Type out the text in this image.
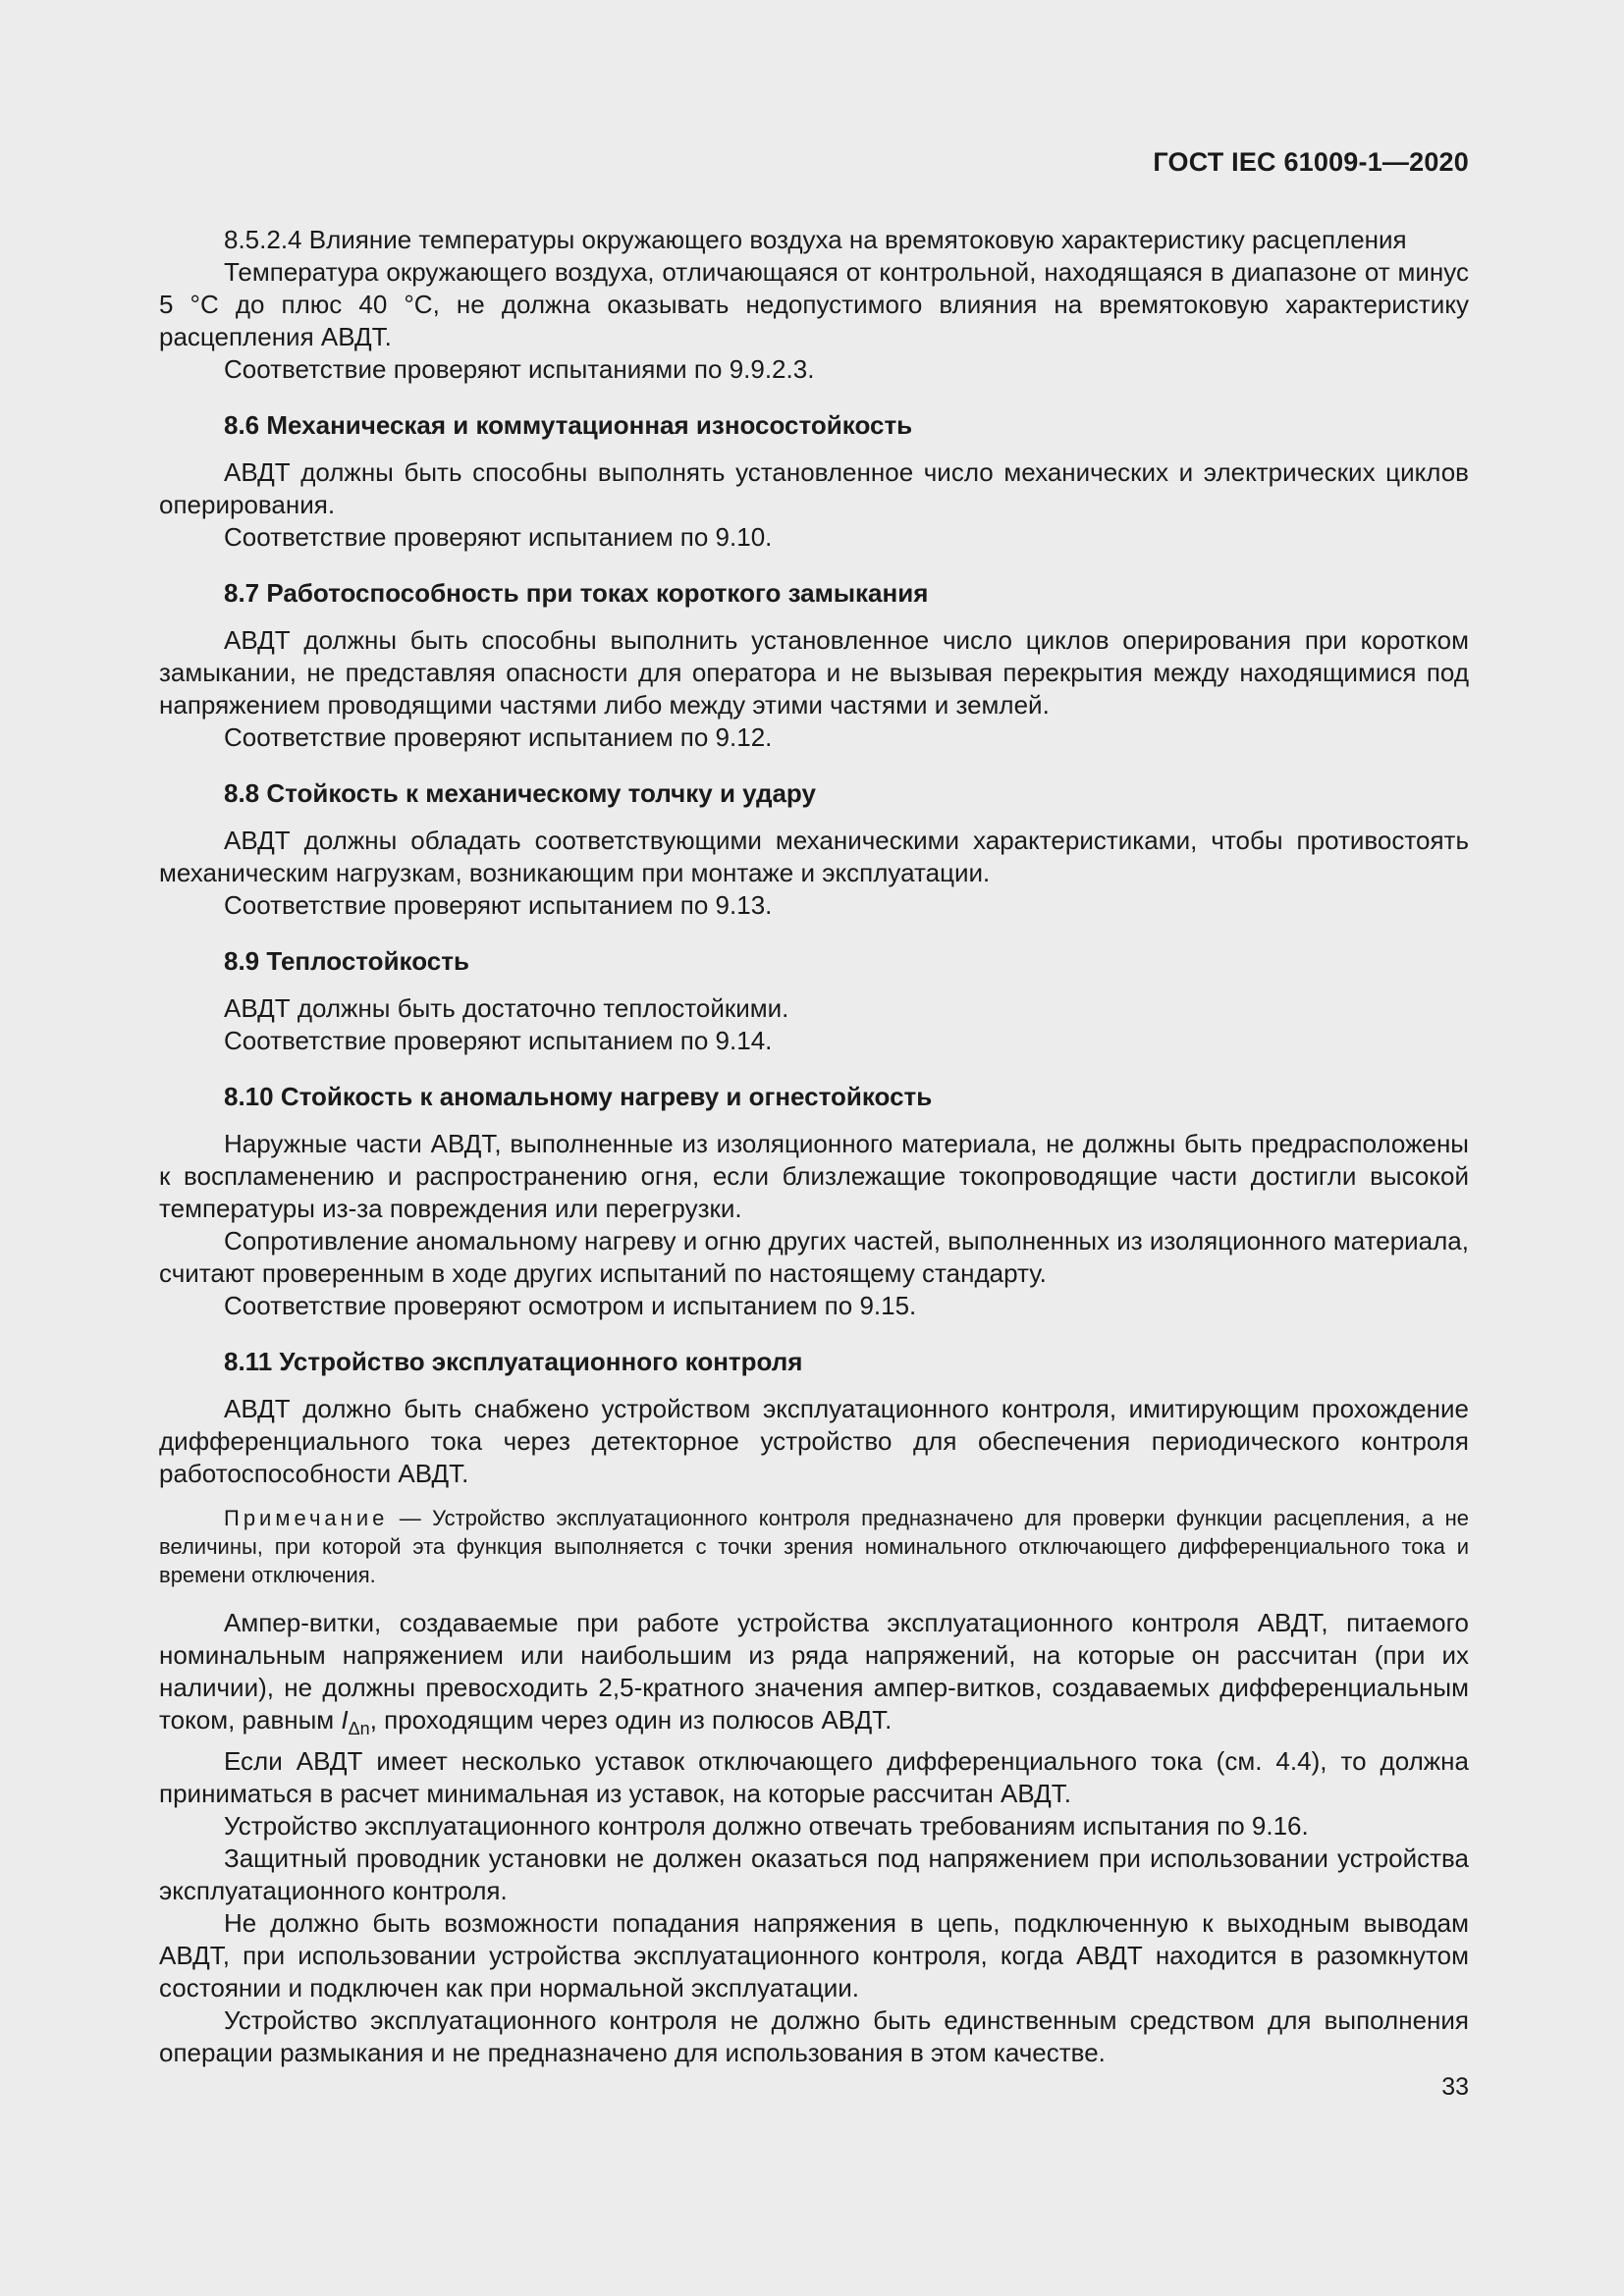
ГОСТ IEC 61009-1—2020

8.5.2.4 Влияние температуры окружающего воздуха на времятоковую характеристику расцепления

Температура окружающего воздуха, отличающаяся от контрольной, находящаяся в диапазоне от минус 5 °С до плюс 40 °С, не должна оказывать недопустимого влияния на времятоковую характеристику расцепления АВДТ.

Соответствие проверяют испытаниями по 9.9.2.3.

8.6 Механическая и коммутационная износостойкость

АВДТ должны быть способны выполнять установленное число механических и электрических циклов оперирования.

Соответствие проверяют испытанием по 9.10.

8.7 Работоспособность при токах короткого замыкания

АВДТ должны быть способны выполнить установленное число циклов оперирования при коротком замыкании, не представляя опасности для оператора и не вызывая перекрытия между находящимися под напряжением проводящими частями либо между этими частями и землей.

Соответствие проверяют испытанием по 9.12.

8.8 Стойкость к механическому толчку и удару

АВДТ должны обладать соответствующими механическими характеристиками, чтобы противостоять механическим нагрузкам, возникающим при монтаже и эксплуатации.

Соответствие проверяют испытанием по 9.13.

8.9 Теплостойкость

АВДТ должны быть достаточно теплостойкими.

Соответствие проверяют испытанием по 9.14.

8.10 Стойкость к аномальному нагреву и огнестойкость

Наружные части АВДТ, выполненные из изоляционного материала, не должны быть предрасположены к воспламенению и распространению огня, если близлежащие токопроводящие части достигли высокой температуры из-за повреждения или перегрузки.

Сопротивление аномальному нагреву и огню других частей, выполненных из изоляционного материала, считают проверенным в ходе других испытаний по настоящему стандарту.

Соответствие проверяют осмотром и испытанием по 9.15.

8.11 Устройство эксплуатационного контроля

АВДТ должно быть снабжено устройством эксплуатационного контроля, имитирующим прохождение дифференциального тока через детекторное устройство для обеспечения периодического контроля работоспособности АВДТ.

Примечание — Устройство эксплуатационного контроля предназначено для проверки функции расцепления, а не величины, при которой эта функция выполняется с точки зрения номинального отключающего дифференциального тока и времени отключения.

Ампер-витки, создаваемые при работе устройства эксплуатационного контроля АВДТ, питаемого номинальным напряжением или наибольшим из ряда напряжений, на которые он рассчитан (при их наличии), не должны превосходить 2,5-кратного значения ампер-витков, создаваемых дифференциальным током, равным $I_{\Delta n}$, проходящим через один из полюсов АВДТ.

Если АВДТ имеет несколько уставок отключающего дифференциального тока (см. 4.4), то должна приниматься в расчет минимальная из уставок, на которые рассчитан АВДТ.

Устройство эксплуатационного контроля должно отвечать требованиям испытания по 9.16.

Защитный проводник установки не должен оказаться под напряжением при использовании устройства эксплуатационного контроля.

Не должно быть возможности попадания напряжения в цепь, подключенную к выходным выводам АВДТ, при использовании устройства эксплуатационного контроля, когда АВДТ находится в разомкнутом состоянии и подключен как при нормальной эксплуатации.

Устройство эксплуатационного контроля не должно быть единственным средством для выполнения операции размыкания и не предназначено для использования в этом качестве.

33
